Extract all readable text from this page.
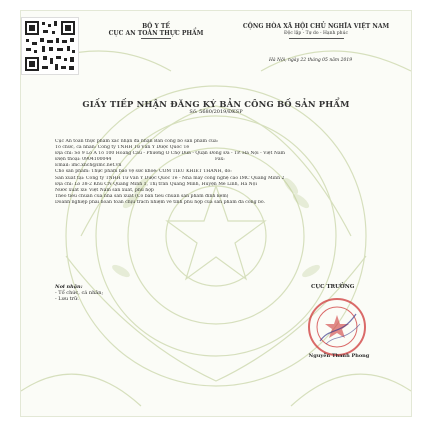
BỘ Y TẾ
CỤC AN TOÀN THỰC PHẨM
CỘNG HÒA XÃ HỘI CHỦ NGHĨA VIỆT NAM
Độc lập - Tự do - Hạnh phúc
Hà Nội, ngày 22 tháng 05 năm 2019
GIẤY TIẾP NHẬN ĐĂNG KÝ BẢN CÔNG BỐ SẢN PHẨM
Số: 5680/2019/ĐKSP
Cục An toàn thực phẩm xác nhận đã nhận Bản công bố sản phẩm của:
Tổ chức, cá nhân: Công ty TNHH Tư Vấn Y Dược Quốc Tế
Địa chỉ: Số 9 Lô A Tổ 100 Hoàng Cầu - Phường Ô Chợ Dừa - Quận Đống Đa - TP. Hà Nội - Việt Nam
Điện thoại: 0904100044	Fax:
Email: imc.xnch@imc.net.vn
Cho sản phẩm: Thực phẩm bảo vệ sức khoẻ: CỐM TIÊU KHIẾT THANH, do:
Sản xuất tại: Công ty TNHH Tư Vấn Y Dược Quốc Tế - Nhà máy công nghệ cao IMC Quang Minh 2
Địa chỉ: Lô 38-2 Khu CN Quang Minh 1, Thị trấn Quang Minh, Huyện Mê Linh, Hà Nội
Nước xuất xứ: Việt Nam sản xuất, phù hợp
Theo tiêu chuẩn của nhà sản xuất (Có bản tiêu chuẩn sản phẩm đính kèm)
Doanh nghiệp phải hoàn toàn chịu trách nhiệm về tính phù hợp của sản phẩm đã công bố.
Nơi nhận:
- Tổ chức, cá nhân;
- Lưu trữ.
CỤC TRƯỞNG
Nguyễn Thanh Phong
